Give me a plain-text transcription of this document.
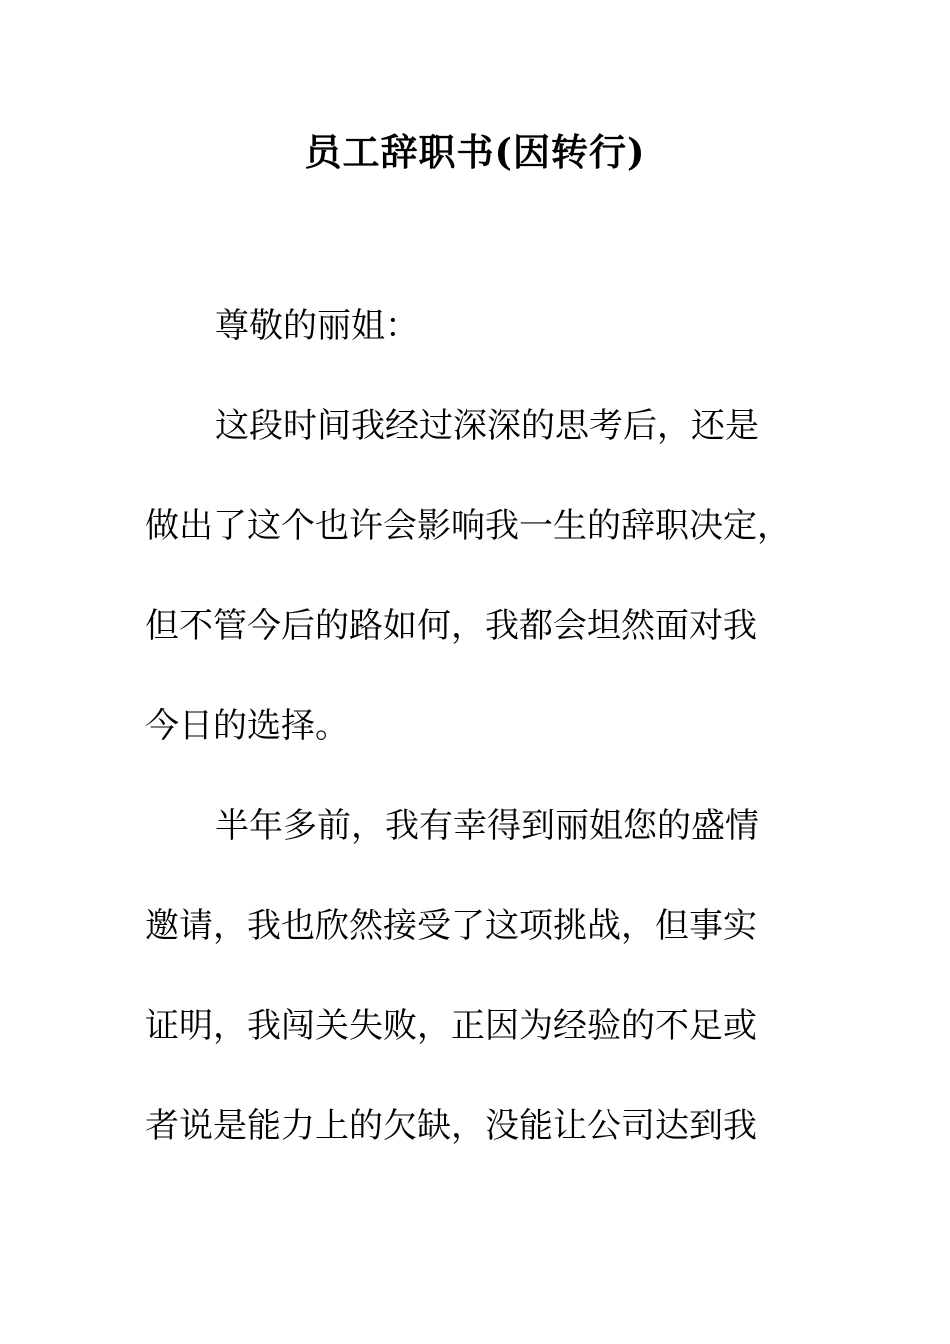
员工辞职书(因转行)
尊敬的丽姐：
这段时间我经过深深的思考后，还是
做出了这个也许会影响我一生的辞职决定，
但不管今后的路如何，我都会坦然面对我
今日的选择。
半年多前，我有幸得到丽姐您的盛情
邀请，我也欣然接受了这项挑战，但事实
证明，我闯关失败，正因为经验的不足或
者说是能力上的欠缺，没能让公司达到我
